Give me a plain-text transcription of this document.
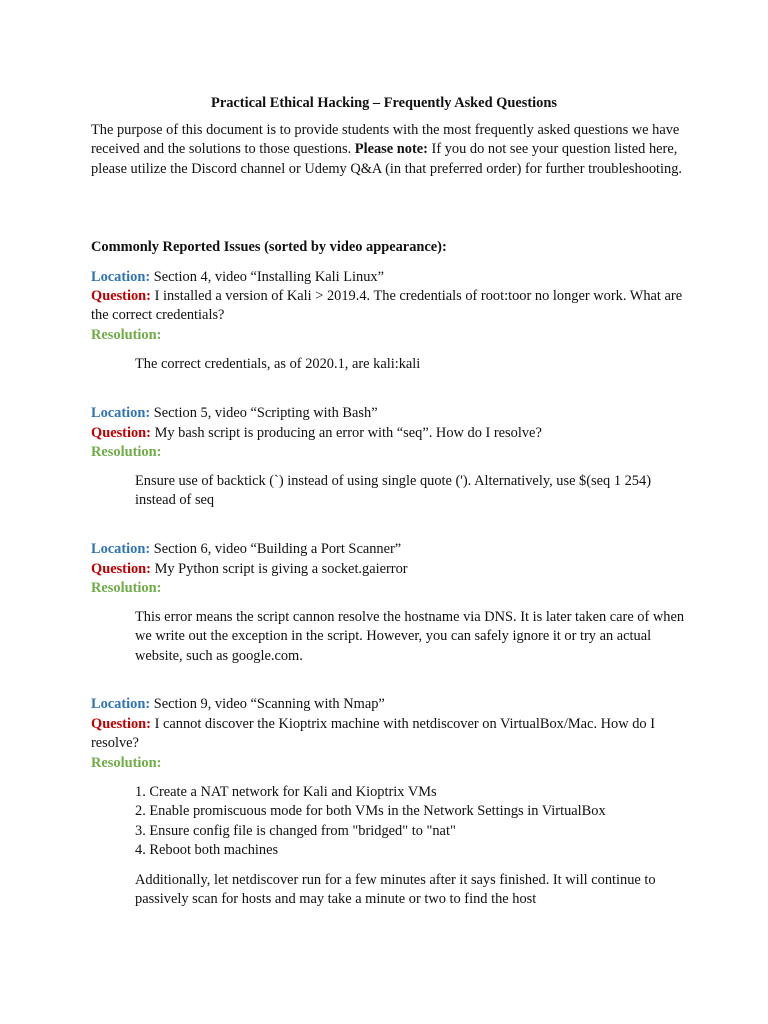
Practical Ethical Hacking – Frequently Asked Questions

The purpose of this document is to provide students with the most frequently asked questions we have received and the solutions to those questions. Please note: If you do not see your question listed here, please utilize the Discord channel or Udemy Q&A (in that preferred order) for further troubleshooting.

Commonly Reported Issues (sorted by video appearance):

Location: Section 4, video “Installing Kali Linux”

Question: I installed a version of Kali > 2019.4. The credentials of root:toor no longer work. What are the correct credentials?

Resolution:

The correct credentials, as of 2020.1, are kali:kali

Location: Section 5, video “Scripting with Bash”

Question: My bash script is producing an error with “seq”. How do I resolve?

Resolution:

Ensure use of backtick (`) instead of using single quote ('). Alternatively, use $(seq 1 254) instead of seq

Location: Section 6, video “Building a Port Scanner”

Question: My Python script is giving a socket.gaierror

Resolution:

This error means the script cannon resolve the hostname via DNS. It is later taken care of when we write out the exception in the script. However, you can safely ignore it or try an actual website, such as google.com.

Location: Section 9, video “Scanning with Nmap”

Question: I cannot discover the Kioptrix machine with netdiscover on VirtualBox/Mac. How do I resolve?

Resolution:

1. Create a NAT network for Kali and Kioptrix VMs
2. Enable promiscuous mode for both VMs in the Network Settings in VirtualBox
3. Ensure config file is changed from "bridged" to "nat"
4. Reboot both machines

Additionally, let netdiscover run for a few minutes after it says finished. It will continue to passively scan for hosts and may take a minute or two to find the host
